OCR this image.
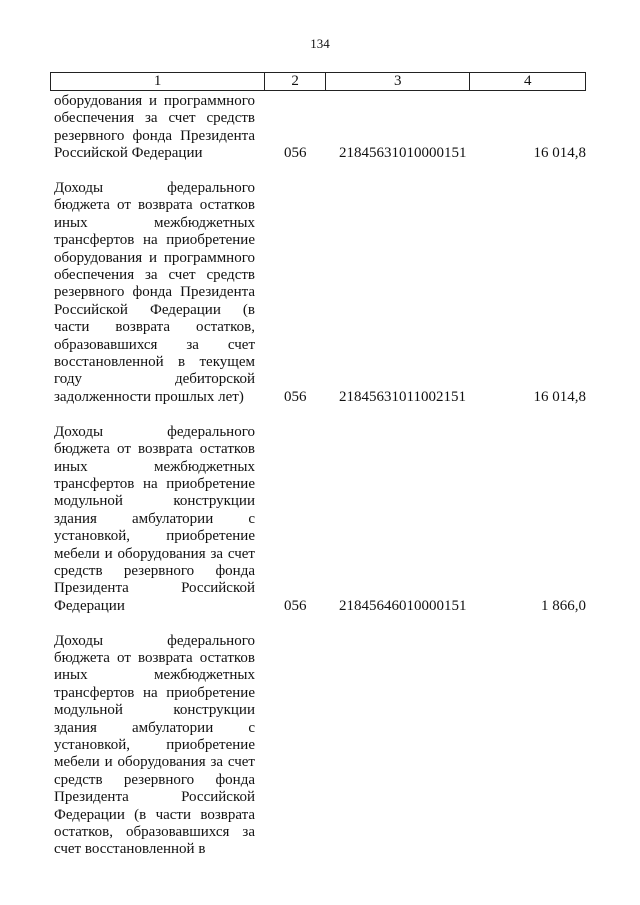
134
1	2	3	4
оборудования и программного
обеспечения за счет средств
резервного фонда Президента
Российской Федерации	056	21845631010000151	16 014,8
Доходы федерального
бюджета от возврата остатков
иных межбюджетных
трансфертов на приобретение
оборудования и программного
обеспечения за счет средств
резервного фонда Президента
Российской Федерации (в
части возврата остатков,
образовавшихся за счет
восстановленной в текущем
году дебиторской
задолженности прошлых лет)	056	21845631011002151	16 014,8
Доходы федерального
бюджета от возврата остатков
иных межбюджетных
трансфертов на приобретение
модульной конструкции
здания амбулатории с
установкой, приобретение
мебели и оборудования за счет
средств резервного фонда
Президента Российской
Федерации	056	21845646010000151	1 866,0
Доходы федерального
бюджета от возврата остатков
иных межбюджетных
трансфертов на приобретение
модульной конструкции
здания амбулатории с
установкой, приобретение
мебели и оборудования за счет
средств резервного фонда
Президента Российской
Федерации (в части возврата
остатков, образовавшихся за
счет восстановленной в
